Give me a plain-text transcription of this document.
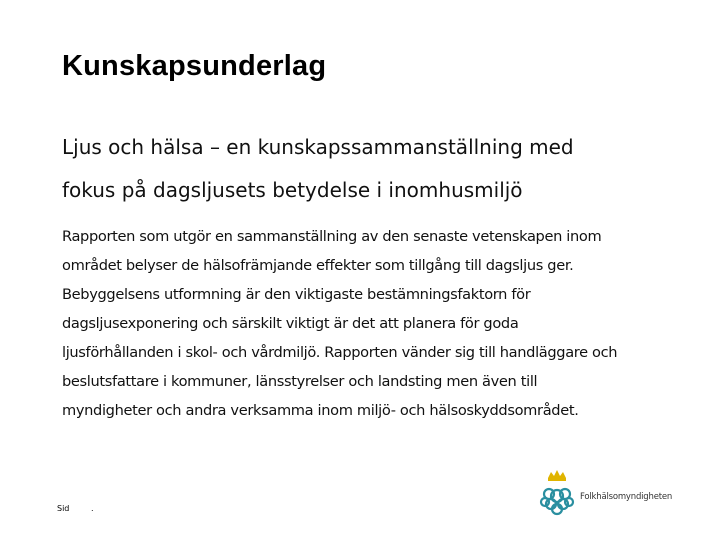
Kunskapsunderlag
Ljus och hälsa – en kunskapssammanställning med
fokus på dagsljusets betydelse i inomhusmiljö
Rapporten som utgör en sammanställning av den senaste vetenskapen inom
området belyser de hälsofrämjande effekter som tillgång till dagsljus ger.
Bebyggelsens utformning är den viktigaste bestämningsfaktorn för
dagsljusexponering och särskilt viktigt är det att planera för goda
ljusförhållanden i skol- och vårdmiljö. Rapporten vänder sig till handläggare och
beslutsfattare i kommuner, länsstyrelser och landsting men även till
myndigheter och andra verksamma inom miljö- och hälsoskyddsområdet.
Sid	.
Folkhälsomyndigheten
